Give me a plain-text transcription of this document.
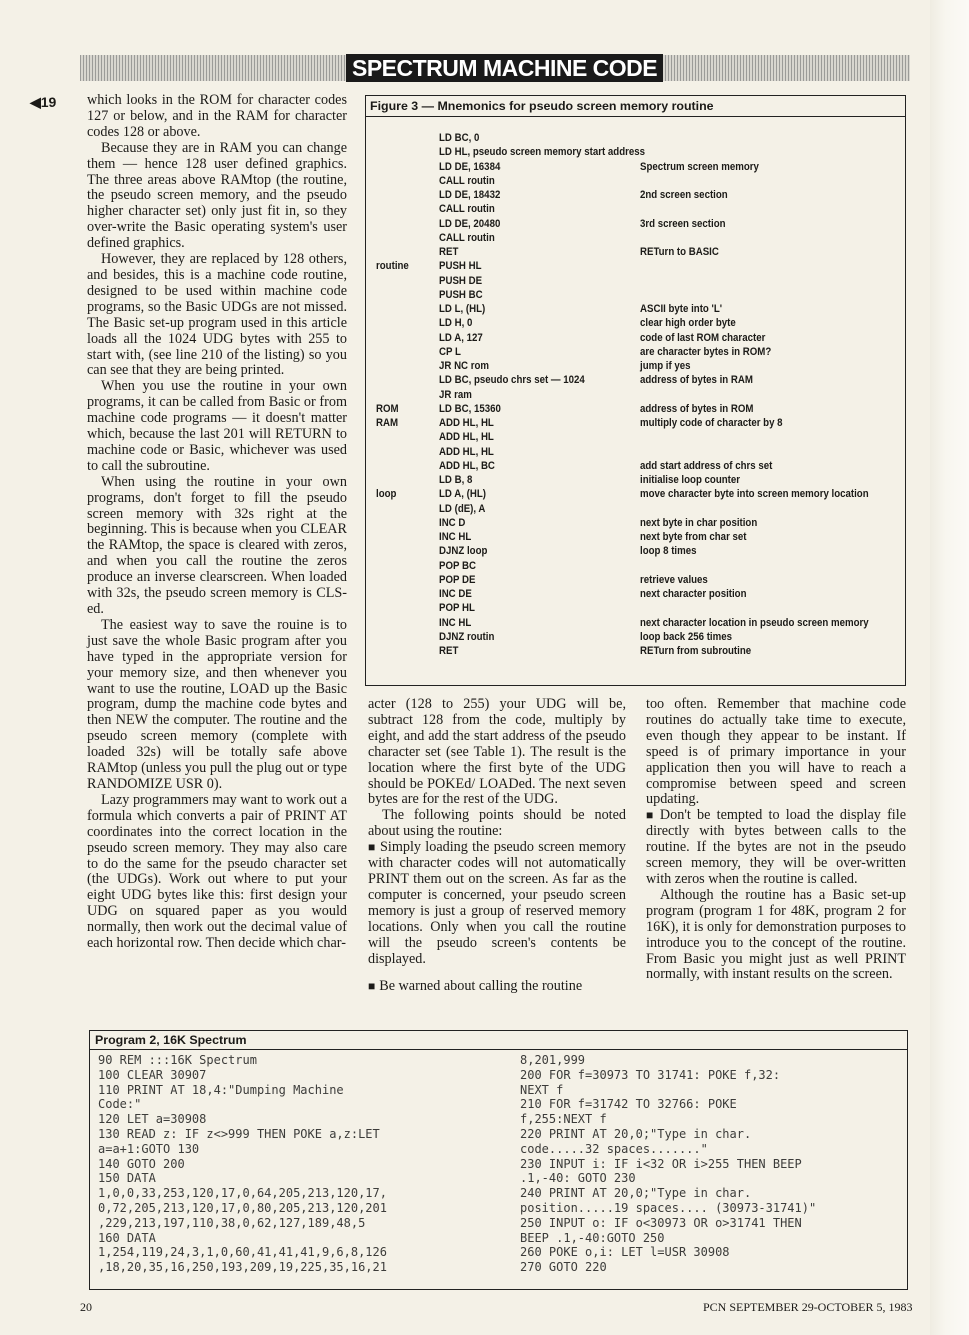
SPECTRUM MACHINE CODE
◀19 which looks in the ROM for character codes 127 or below, and in the RAM for character codes 128 or above.

Because they are in RAM you can change them — hence 128 user defined graphics. The three areas above RAMtop (the routine, the pseudo screen memory, and the pseudo higher character set) only just fit in, so they over-write the Basic operating system's user defined graphics.

However, they are replaced by 128 others, and besides, this is a machine code routine, designed to be used within machine code programs, so the Basic UDGs are not missed. The Basic set-up program used in this article loads all the 1024 UDG bytes with 255 to start with, (see line 210 of the listing) so you can see that they are being printed.

When you use the routine in your own programs, it can be called from Basic or from machine code programs — it doesn't matter which, because the last 201 will RETURN to machine code or Basic, whichever was used to call the subroutine.

When using the routine in your own programs, don't forget to fill the pseudo screen memory with 32s right at the beginning. This is because when you CLEAR the RAMtop, the space is cleared with zeros, and when you call the routine the zeros produce an inverse clearscreen. When loaded with 32s, the pseudo screen memory is CLS-ed.

The easiest way to save the rouine is to just save the whole Basic program after you have typed in the appropriate version for your memory size, and then whenever you want to use the routine, LOAD up the Basic program, dump the machine code bytes and then NEW the computer. The routine and the pseudo screen memory (complete with loaded 32s) will be totally safe above RAMtop (unless you pull the plug out or type RANDOMIZE USR 0).

Lazy programmers may want to work out a formula which converts a pair of PRINT AT coordinates into the correct location in the pseudo screen memory. They may also care to do the same for the pseudo character set (the UDGs). Work out where to put your eight UDG bytes like this: first design your UDG on squared paper as you would normally, then work out the decimal value of each horizontal row. Then decide which char-

acter (128 to 255) your UDG will be, subtract 128 from the code, multiply by eight, and add the start address of the pseudo character set (see Table 1). The result is the location where the first byte of the UDG should be POKEd/ LOADed. The next seven bytes are for the rest of the UDG.

The following points should be noted about using the routine:

■ Simply loading the pseudo screen memory with character codes will not automatically PRINT them out on the screen. As far as the computer is concerned, your pseudo screen memory is just a group of reserved memory locations. Only when you call the routine will the pseudo screen's contents be displayed.

■ Be warned about calling the routine

too often. Remember that machine code routines do actually take time to execute, even though they appear to be instant. If speed is of primary importance in your application then you will have to reach a compromise between speed and screen updating.

■ Don't be tempted to load the display file directly with bytes between calls to the routine. If the bytes are not in the pseudo screen memory, they will be over-written with zeros when the routine is called.

Although the routine has a Basic set-up program (program 1 for 48K, program 2 for 16K), it is only for demonstration purposes to introduce you to the concept of the routine. From Basic you might just as well PRINT normally, with instant results on the screen.

Figure 3 — Mnemonics for pseudo screen memory routine
LD BC, 0
LD HL, pseudo screen memory start address
LD DE, 16384	Spectrum screen memory
CALL routin
LD DE, 18432	2nd screen section
CALL routin
LD DE, 20480	3rd screen section
CALL routin
RET	RETurn to BASIC
routine	PUSH HL
PUSH DE
PUSH BC
LD L, (HL)	ASCII byte into 'L'
LD H, 0	clear high order byte
LD A, 127	code of last ROM character
CP L	are character bytes in ROM?
JR NC rom	jump if yes
LD BC, pseudo chrs set — 1024	address of bytes in RAM
JR ram
ROM	LD BC, 15360	address of bytes in ROM
RAM	ADD HL, HL	multiply code of character by 8
ADD HL, HL
ADD HL, HL
ADD HL, BC	add start address of chrs set
LD B, 8	initialise loop counter
loop	LD A, (HL)	move character byte into screen memory location
LD (dE), A
INC D	next byte in char position
INC HL	next byte from char set
DJNZ loop	loop 8 times
POP BC
POP DE	retrieve values
INC DE	next character position
POP HL
INC HL	next character location in pseudo screen memory
DJNZ routin	loop back 256 times
RET	RETurn from subroutine
Program 2, 16K Spectrum
90 REM :::16K Spectrum
100 CLEAR 30907
110 PRINT AT 18,4:"Dumping Machine
Code:"
120 LET a=30908
130 READ z: IF z<>999 THEN POKE a,z:LET
a=a+1:GOTO 130
140 GOTO 200
150 DATA
1,0,0,33,253,120,17,0,64,205,213,120,17,
0,72,205,213,120,17,0,80,205,213,120,201
,229,213,197,110,38,0,62,127,189,48,5
160 DATA
1,254,119,24,3,1,0,60,41,41,41,9,6,8,126
,18,20,35,16,250,193,209,19,225,35,16,21
8,201,999
200 FOR f=30973 TO 31741: POKE f,32:
NEXT f
210 FOR f=31742 TO 32766: POKE
f,255:NEXT f
220 PRINT AT 20,0;"Type in char.
code.....32 spaces......."
230 INPUT i: IF i<32 OR i>255 THEN BEEP
.1,-40: GOTO 230
240 PRINT AT 20,0;"Type in char.
position.....19 spaces.... (30973-31741)"
250 INPUT o: IF o<30973 OR o>31741 THEN
BEEP .1,-40:GOTO 250
260 POKE o,i: LET l=USR 30908
270 GOTO 220
20	PCN SEPTEMBER 29-OCTOBER 5, 1983
